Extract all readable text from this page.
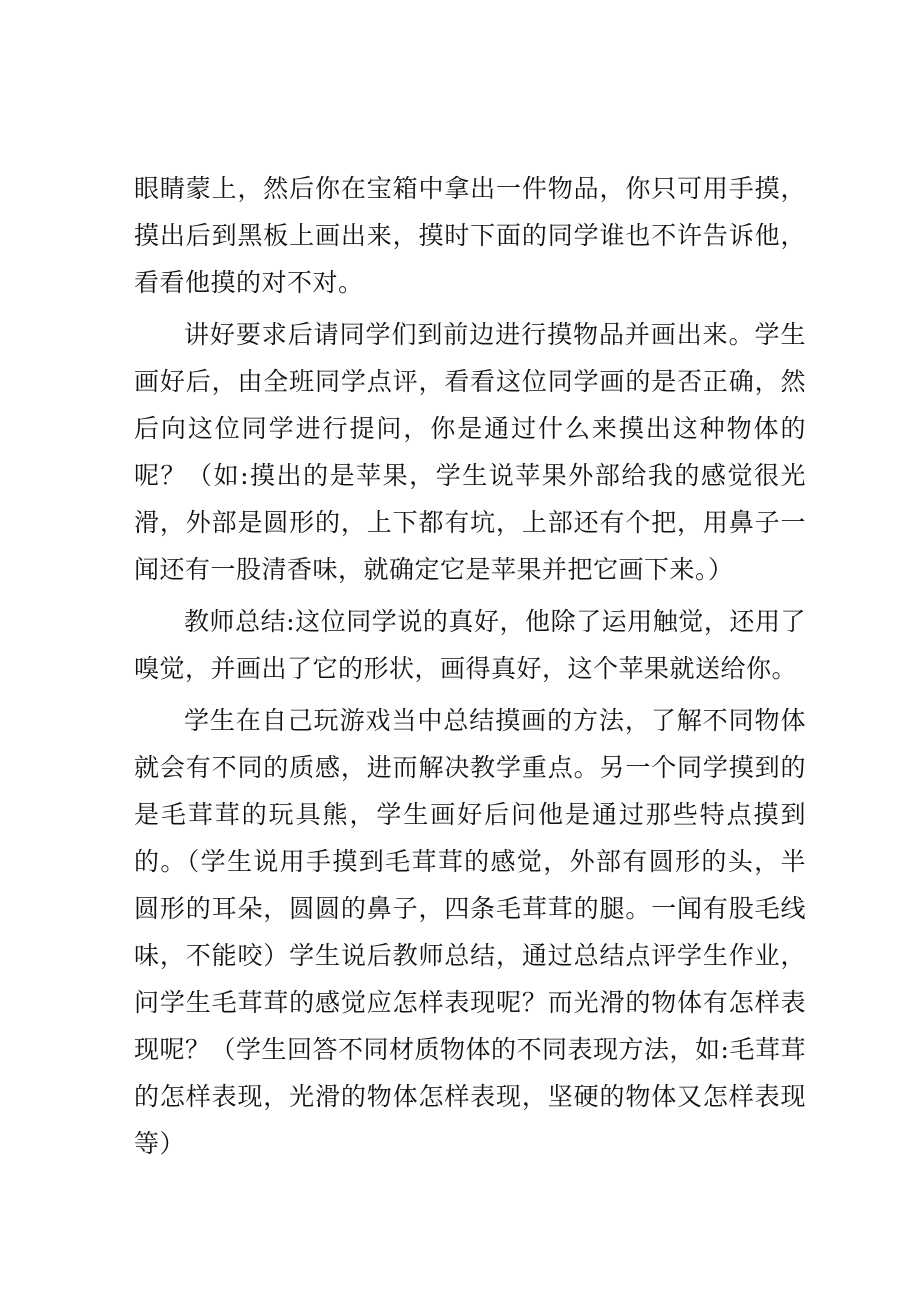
眼睛蒙上，然后你在宝箱中拿出一件物品，你只可用手摸，摸出后到黑板上画出来，摸时下面的同学谁也不许告诉他，看看他摸的对不对。

讲好要求后请同学们到前边进行摸物品并画出来。学生画好后，由全班同学点评，看看这位同学画的是否正确，然后向这位同学进行提问，你是通过什么来摸出这种物体的呢？（如:摸出的是苹果，学生说苹果外部给我的感觉很光滑，外部是圆形的，上下都有坑，上部还有个把，用鼻子一闻还有一股清香味，就确定它是苹果并把它画下来。）

教师总结:这位同学说的真好，他除了运用触觉，还用了嗅觉，并画出了它的形状，画得真好，这个苹果就送给你。

学生在自己玩游戏当中总结摸画的方法，了解不同物体就会有不同的质感，进而解决教学重点。另一个同学摸到的是毛茸茸的玩具熊，学生画好后问他是通过那些特点摸到的。（学生说用手摸到毛茸茸的感觉，外部有圆形的头，半圆形的耳朵，圆圆的鼻子，四条毛茸茸的腿。一闻有股毛线味，不能咬）学生说后教师总结，通过总结点评学生作业，问学生毛茸茸的感觉应怎样表现呢？而光滑的物体有怎样表现呢？（学生回答不同材质物体的不同表现方法，如:毛茸茸的怎样表现，光滑的物体怎样表现，坚硬的物体又怎样表现等）
